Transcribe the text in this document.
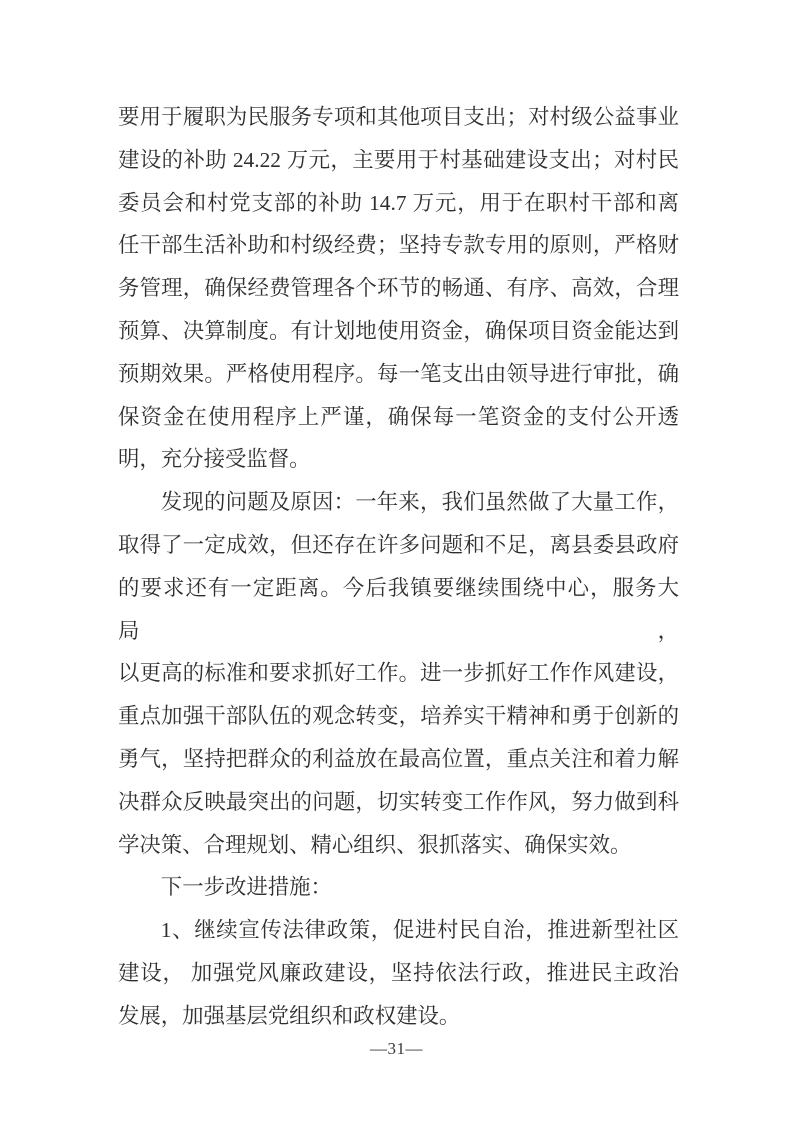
要用于履职为民服务专项和其他项目支出；对村级公益事业
建设的补助 24.22 万元，主要用于村基础建设支出；对村民
委员会和村党支部的补助 14.7 万元，用于在职村干部和离
任干部生活补助和村级经费；坚持专款专用的原则，严格财
务管理，确保经费管理各个环节的畅通、有序、高效，合理
预算、决算制度。有计划地使用资金，确保项目资金能达到
预期效果。严格使用程序。每一笔支出由领导进行审批，确
保资金在使用程序上严谨，确保每一笔资金的支付公开透
明，充分接受监督。
发现的问题及原因：一年来，我们虽然做了大量工作，
取得了一定成效，但还存在许多问题和不足，离县委县政府
的要求还有一定距离。今后我镇要继续围绕中心，服务大局，
以更高的标准和要求抓好工作。进一步抓好工作作风建设，
重点加强干部队伍的观念转变，培养实干精神和勇于创新的
勇气，坚持把群众的利益放在最高位置，重点关注和着力解
决群众反映最突出的问题，切实转变工作作风，努力做到科
学决策、合理规划、精心组织、狠抓落实、确保实效。
下一步改进措施：
1、继续宣传法律政策，促进村民自治，推进新型社区
建设， 加强党风廉政建设，坚持依法行政，推进民主政治
发展，加强基层党组织和政权建设。
—31—
